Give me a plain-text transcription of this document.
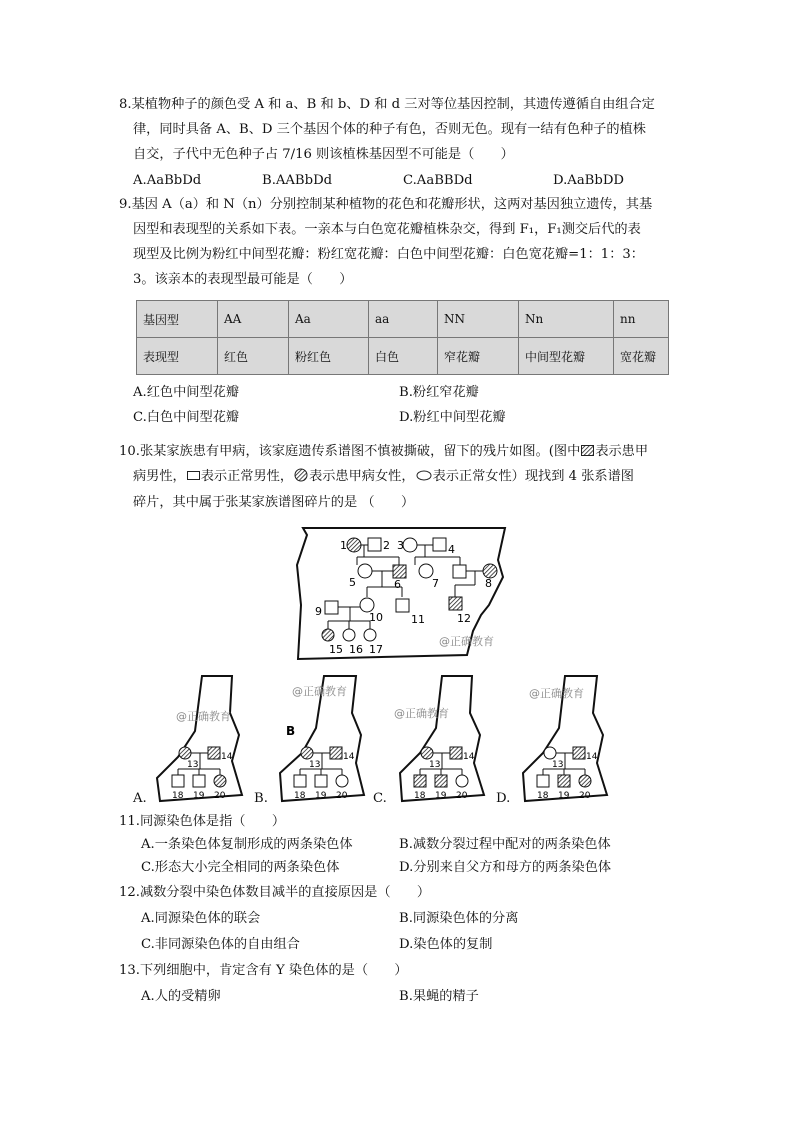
8.某植物种子的颜色受 A 和 a、B 和 b、D 和 d 三对等位基因控制，其遗传遵循自由组合定
律，同时具备 A、B、D 三个基因个体的种子有色，否则无色。现有一结有色种子的植株
自交，子代中无色种子占 7/16 则该植株基因型不可能是（　　）
A.AaBbDd	B.AABbDd	C.AaBBDd	D.AaBbDD
9.基因 A（a）和 N（n）分别控制某种植物的花色和花瓣形状，这两对基因独立遗传，其基
因型和表现型的关系如下表。一亲本与白色宽花瓣植株杂交，得到 F₁，F₁测交后代的表
现型及比例为粉红中间型花瓣：粉红宽花瓣：白色中间型花瓣：白色宽花瓣=1：1：3：
3。该亲本的表现型最可能是（　　）
基因型	AA	Aa	aa	NN	Nn	nn
表现型	红色	粉红色	白色	窄花瓣	中间型花瓣	宽花瓣
A.红色中间型花瓣	B.粉红窄花瓣
C.白色中间型花瓣	D.粉红中间型花瓣
10.张某家族患有甲病，该家庭遗传系谱图不慎被撕破，留下的残片如图。(图中 表示患甲
病男性， 表示正常男性， 表示患甲病女性， 表示正常女性）现找到 4 张系谱图
碎片，其中属于张某家族谱图碎片的是 （　　）
1	2 3	4
5	6	7	8
9	10	11	12
15 16 17
@正确教育
@正确教育
13
14
18 19 20
A.
@正确教育
B
13
14
18 19 20
B.
@正确教育
13
14
18 19 20
C.
@正确教育
13
14
18 19 20
D.
11.同源染色体是指（　　）
A.一条染色体复制形成的两条染色体	B.减数分裂过程中配对的两条染色体
C.形态大小完全相同的两条染色体	D.分别来自父方和母方的两条染色体
12.减数分裂中染色体数目减半的直接原因是（　　）
A.同源染色体的联会	B.同源染色体的分离
C.非同源染色体的自由组合	D.染色体的复制
13.下列细胞中，肯定含有 Y 染色体的是（　　）
A.人的受精卵	B.果蝇的精子
